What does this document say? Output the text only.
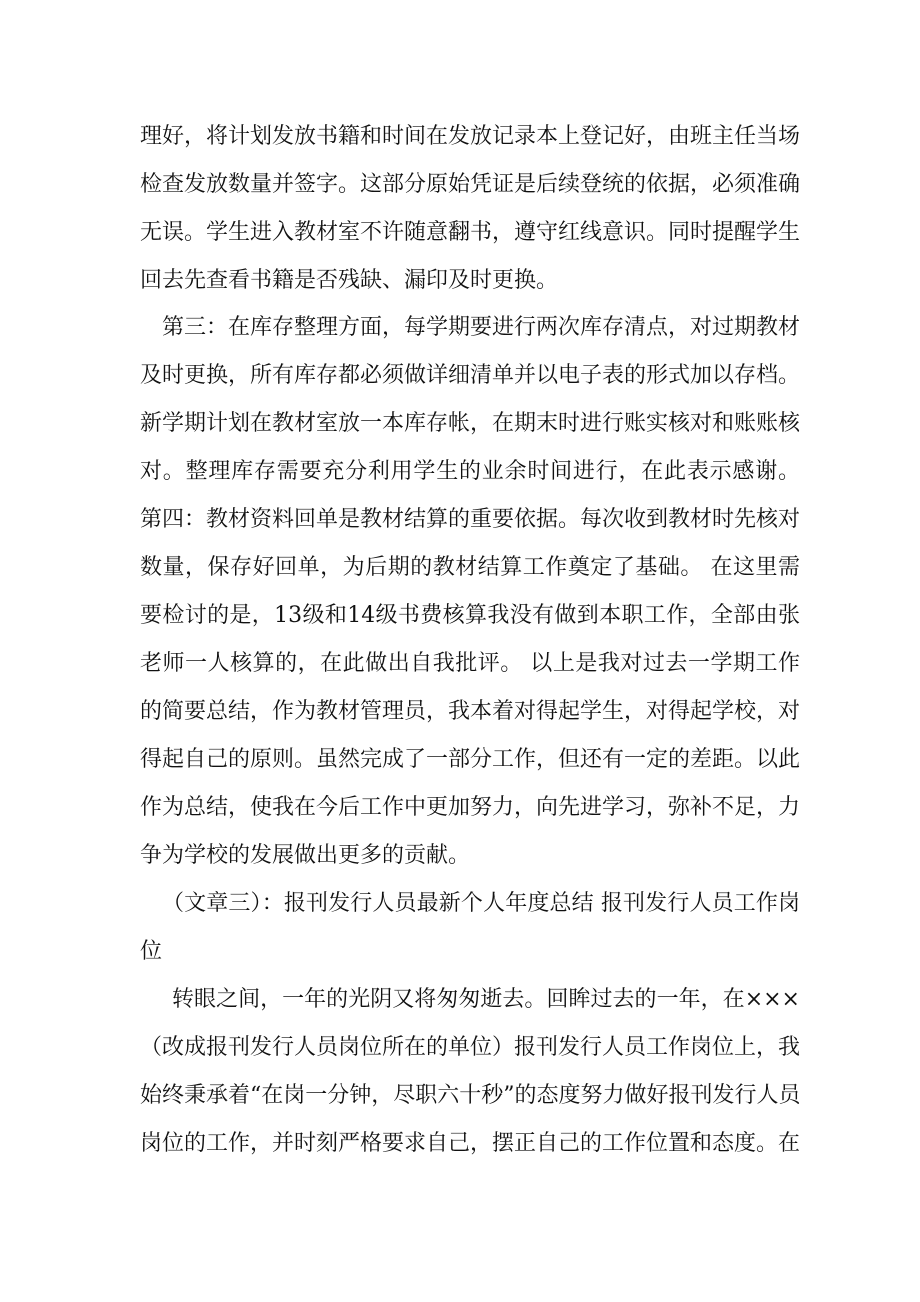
理好，将计划发放书籍和时间在发放记录本上登记好，由班主任当场

检查发放数量并签字。这部分原始凭证是后续登统的依据，必须准确

无误。学生进入教材室不许随意翻书，遵守红线意识。同时提醒学生

回去先查看书籍是否残缺、漏印及时更换。

第三：在库存整理方面，每学期要进行两次库存清点，对过期教材

及时更换，所有库存都必须做详细清单并以电子表的形式加以存档。

新学期计划在教材室放一本库存帐，在期末时进行账实核对和账账核

对。整理库存需要充分利用学生的业余时间进行，在此表示感谢。

第四：教材资料回单是教材结算的重要依据。每次收到教材时先核对

数量，保存好回单，为后期的教材结算工作奠定了基础。 在这里需

要检讨的是，13级和14级书费核算我没有做到本职工作，全部由张

老师一人核算的，在此做出自我批评。 以上是我对过去一学期工作

的简要总结，作为教材管理员，我本着对得起学生，对得起学校，对

得起自己的原则。虽然完成了一部分工作，但还有一定的差距。以此

作为总结，使我在今后工作中更加努力，向先进学习，弥补不足，力

争为学校的发展做出更多的贡献。

（文章三）：报刊发行人员最新个人年度总结 报刊发行人员工作岗

位

转眼之间，一年的光阴又将匆匆逝去。回眸过去的一年，在×××

（改成报刊发行人员岗位所在的单位）报刊发行人员工作岗位上，我

始终秉承着“在岗一分钟，尽职六十秒”的态度努力做好报刊发行人员

岗位的工作，并时刻严格要求自己，摆正自己的工作位置和态度。在
